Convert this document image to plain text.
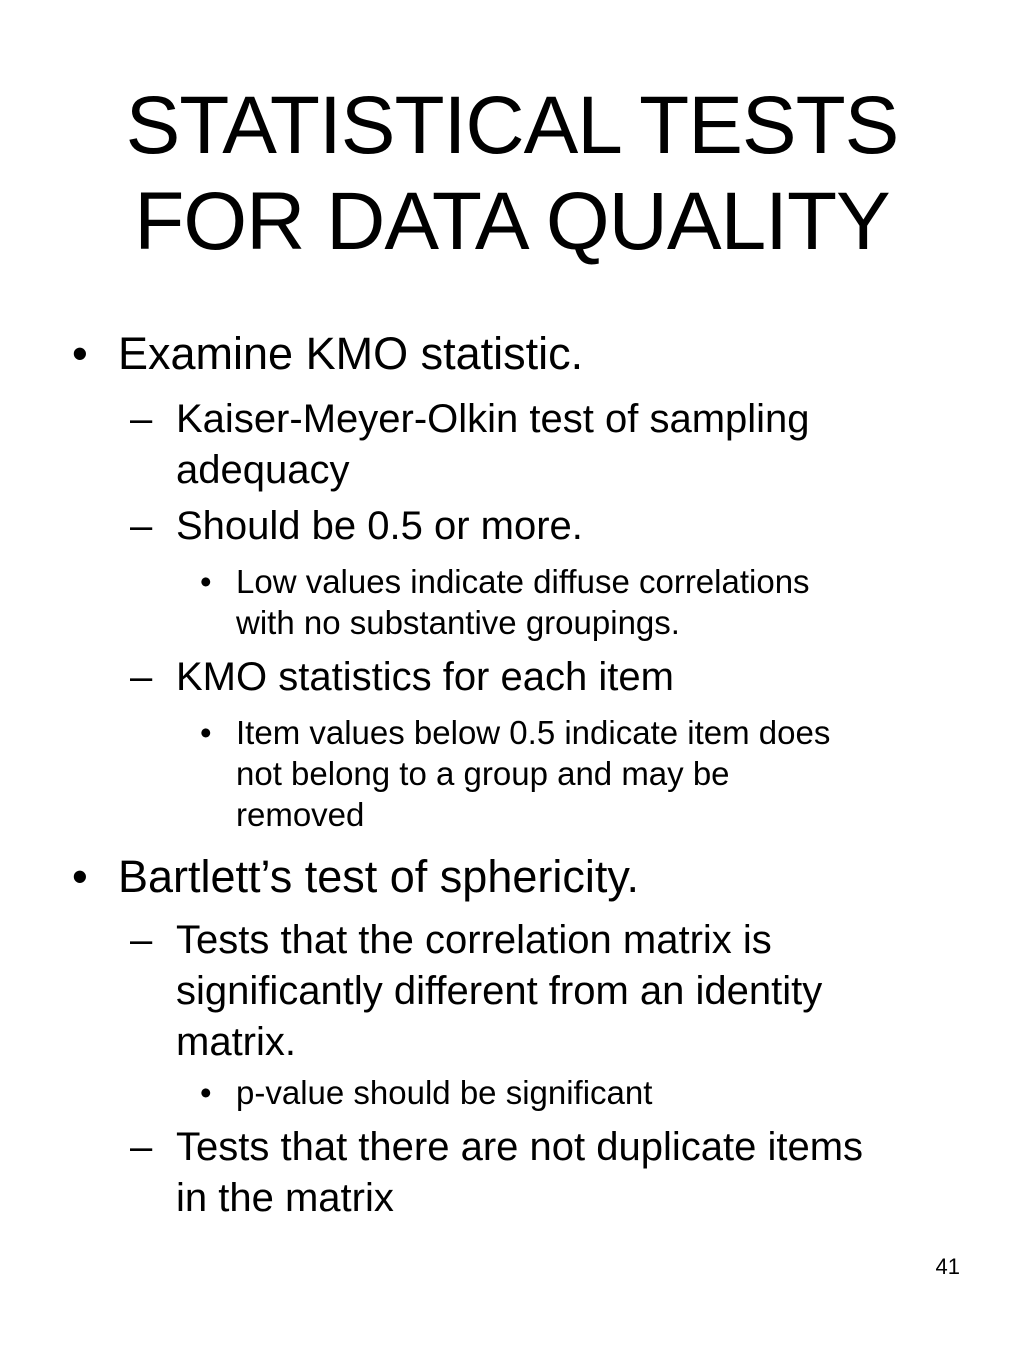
STATISTICAL TESTS
FOR DATA QUALITY
• Examine KMO statistic.
– Kaiser-Meyer-Olkin test of sampling
adequacy
– Should be 0.5 or more.
• Low values indicate diffuse correlations
with no substantive groupings.
– KMO statistics for each item
• Item values below 0.5 indicate item does
not belong to a group and may be
removed
• Bartlett’s test of sphericity.
– Tests that the correlation matrix is
significantly different from an identity
matrix.
• p-value should be significant
– Tests that there are not duplicate items
in the matrix
41
